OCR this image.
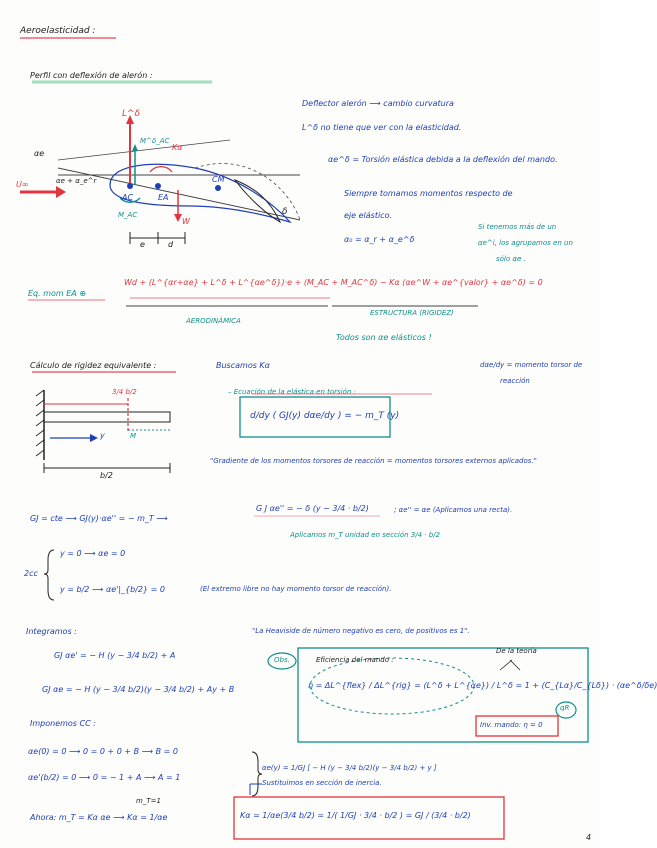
Aeroelasticidad :
Perfil con deflexión de alerón :
L^δ
M^δ_AC
Kα
AC	EA
CM
W
M_AC
αe
αe + α_e^r
U∞
e	d
δ
Deflector alerón ⟶ cambio curvatura
L^δ no tiene que ver con la elasticidad.
αe^δ = Torsión elástica debida a la deflexión del mando.
Siempre tomamos momentos respecto de
eje elástico.
α₀ = α_r + α_e^δ
Si tenemos más de un
αe^i, los agrupamos en un
sólo αe .
Eq. mom EA ⊕
Wd + (L^{αr+αe} + L^δ + L^{αe^δ})·e + (M_AC + M_AC^δ) − Kα (αe^W + αe^{valor} + αe^δ) = 0
AERODINÁMICA
ESTRUCTURA (RIGIDEZ)
Todos son αe elásticos !
Cálculo de rigidez equivalente :	Buscamos Kα	dαe/dy = momento torsor de
reacción
– Ecuación de la elástica en torsión :
d/dy ( GJ(y) dαe/dy ) = − m_T (y)
"Gradiente de los momentos torsores de reacción = momentos torsores externos aplicados."
3/4 b/2
y
b/2
M
GJ = cte ⟶ GJ(y)·αe'' = − m_T ⟶
G J αe'' = − δ (y − 3/4 · b/2)	; αe'' = αe (Aplicamos una recta).
Aplicamos m_T unidad en sección 3/4 · b/2
2cc
y = 0 ⟶ αe = 0
y = b/2 ⟶ αe'|_{b/2} = 0	(El extremo libre no hay momento torsor de reacción).
Integramos :
GJ αe' = − H (y − 3/4 b/2) + A
GJ αe = − H (y − 3/4 b/2)(y − 3/4 b/2) + Ay + B
"La Heaviside de número negativo es cero, de positivos es 1".
Imponemos CC :
αe(0) = 0 ⟶ 0 = 0 + 0 + B ⟶ B = 0
αe'(b/2) = 0 ⟶ 0 = − 1 + A ⟶ A = 1
αe(y) = 1/GJ [ − H (y − 3/4 b/2)(y − 3/4 b/2) + y ]
Sustituimos en sección de inercia.
Ahora: m_T = Kα αe ⟶ Kα = 1/αe
m_T=1
Kα = 1/αe(3/4 b/2) = 1/( 1/GJ · 3/4 · b/2 ) = GJ / (3/4 · b/2)
Obs.	Eficiencia del mando :
η = ΔL^{flex} / ΔL^{rig} = (L^δ + L^{αe}) / L^δ = 1 + (C_{Lα}/C_{Lδ}) · (αe^δ/δe)
De la teoría
Inv. mando: η = 0
qR
4
